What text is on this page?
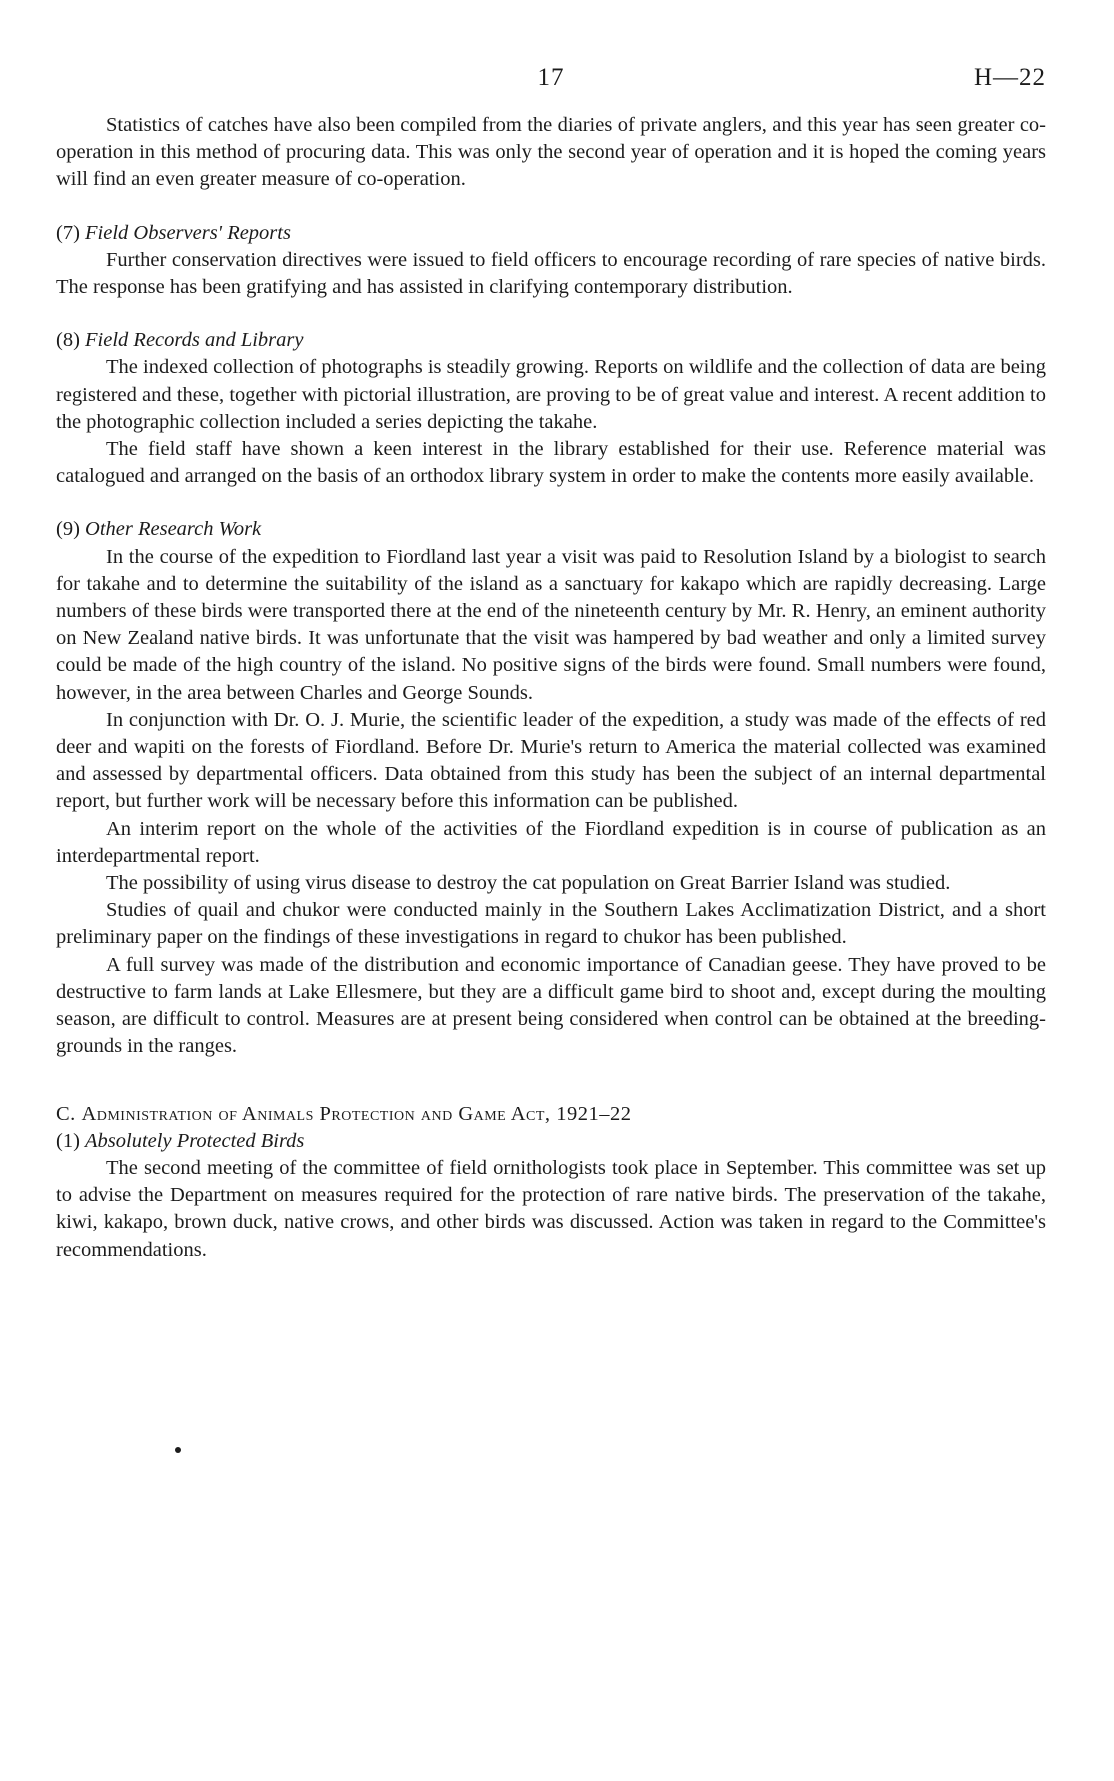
17	H—22

Statistics of catches have also been compiled from the diaries of private anglers, and this year has seen greater co-operation in this method of procuring data. This was only the second year of operation and it is hoped the coming years will find an even greater measure of co-operation.

(7) Field Observers' Reports

Further conservation directives were issued to field officers to encourage recording of rare species of native birds. The response has been gratifying and has assisted in clarifying contemporary distribution.

(8) Field Records and Library

The indexed collection of photographs is steadily growing. Reports on wildlife and the collection of data are being registered and these, together with pictorial illustration, are proving to be of great value and interest. A recent addition to the photographic collection included a series depicting the takahe.

The field staff have shown a keen interest in the library established for their use. Reference material was catalogued and arranged on the basis of an orthodox library system in order to make the contents more easily available.

(9) Other Research Work

In the course of the expedition to Fiordland last year a visit was paid to Resolution Island by a biologist to search for takahe and to determine the suitability of the island as a sanctuary for kakapo which are rapidly decreasing. Large numbers of these birds were transported there at the end of the nineteenth century by Mr. R. Henry, an eminent authority on New Zealand native birds. It was unfortunate that the visit was hampered by bad weather and only a limited survey could be made of the high country of the island. No positive signs of the birds were found. Small numbers were found, however, in the area between Charles and George Sounds.

In conjunction with Dr. O. J. Murie, the scientific leader of the expedition, a study was made of the effects of red deer and wapiti on the forests of Fiordland. Before Dr. Murie's return to America the material collected was examined and assessed by departmental officers. Data obtained from this study has been the subject of an internal departmental report, but further work will be necessary before this information can be published.

An interim report on the whole of the activities of the Fiordland expedition is in course of publication as an interdepartmental report.

The possibility of using virus disease to destroy the cat population on Great Barrier Island was studied.

Studies of quail and chukor were conducted mainly in the Southern Lakes Acclimatization District, and a short preliminary paper on the findings of these investigations in regard to chukor has been published.

A full survey was made of the distribution and economic importance of Canadian geese. They have proved to be destructive to farm lands at Lake Ellesmere, but they are a difficult game bird to shoot and, except during the moulting season, are difficult to control. Measures are at present being considered when control can be obtained at the breeding-grounds in the ranges.

C. Administration of Animals Protection and Game Act, 1921–22
(1) Absolutely Protected Birds

The second meeting of the committee of field ornithologists took place in September. This committee was set up to advise the Department on measures required for the protection of rare native birds. The preservation of the takahe, kiwi, kakapo, brown duck, native crows, and other birds was discussed. Action was taken in regard to the Committee's recommendations.
